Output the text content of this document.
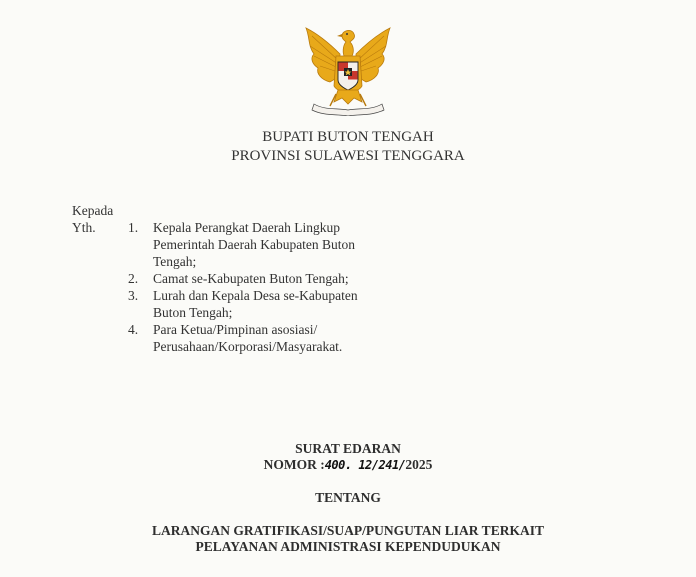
BUPATI BUTON TENGAH
PROVINSI SULAWESI TENGGARA
Kepada
Yth. 1.	Kepala Perangkat Daerah Lingkup
Pemerintah Daerah Kabupaten Buton
Tengah;
2.	Camat se-Kabupaten Buton Tengah;
3.	Lurah dan Kepala Desa se-Kabupaten
Buton Tengah;
4.	Para Ketua/Pimpinan asosiasi/
Perusahaan/Korporasi/Masyarakat.
SURAT EDARAN
NOMOR :400. 12/241/2025
TENTANG
LARANGAN GRATIFIKASI/SUAP/PUNGUTAN LIAR TERKAIT
PELAYANAN ADMINISTRASI KEPENDUDUKAN
